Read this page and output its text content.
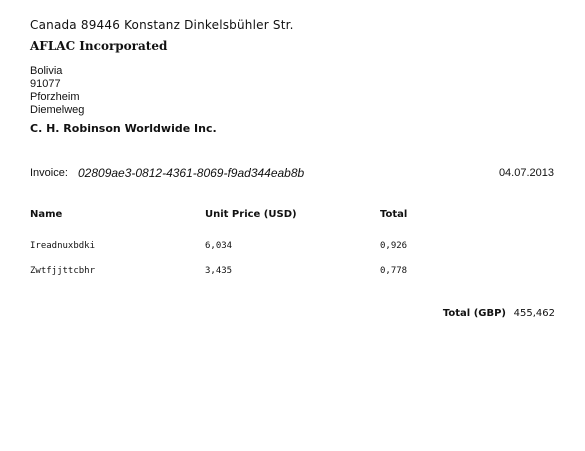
Canada 89446 Konstanz Dinkelsbühler Str.
AFLAC Incorporated
Bolivia
91077
Pforzheim
Diemelweg
C. H. Robinson Worldwide Inc.
Invoice: 02809ae3-0812-4361-8069-f9ad344eab8b	04.07.2013
Name	Unit Price (USD)	Total
Ireadnuxbdki	6,034	0,926
Zwtfjjttcbhr	3,435	0,778
Total (GBP) 455,462
